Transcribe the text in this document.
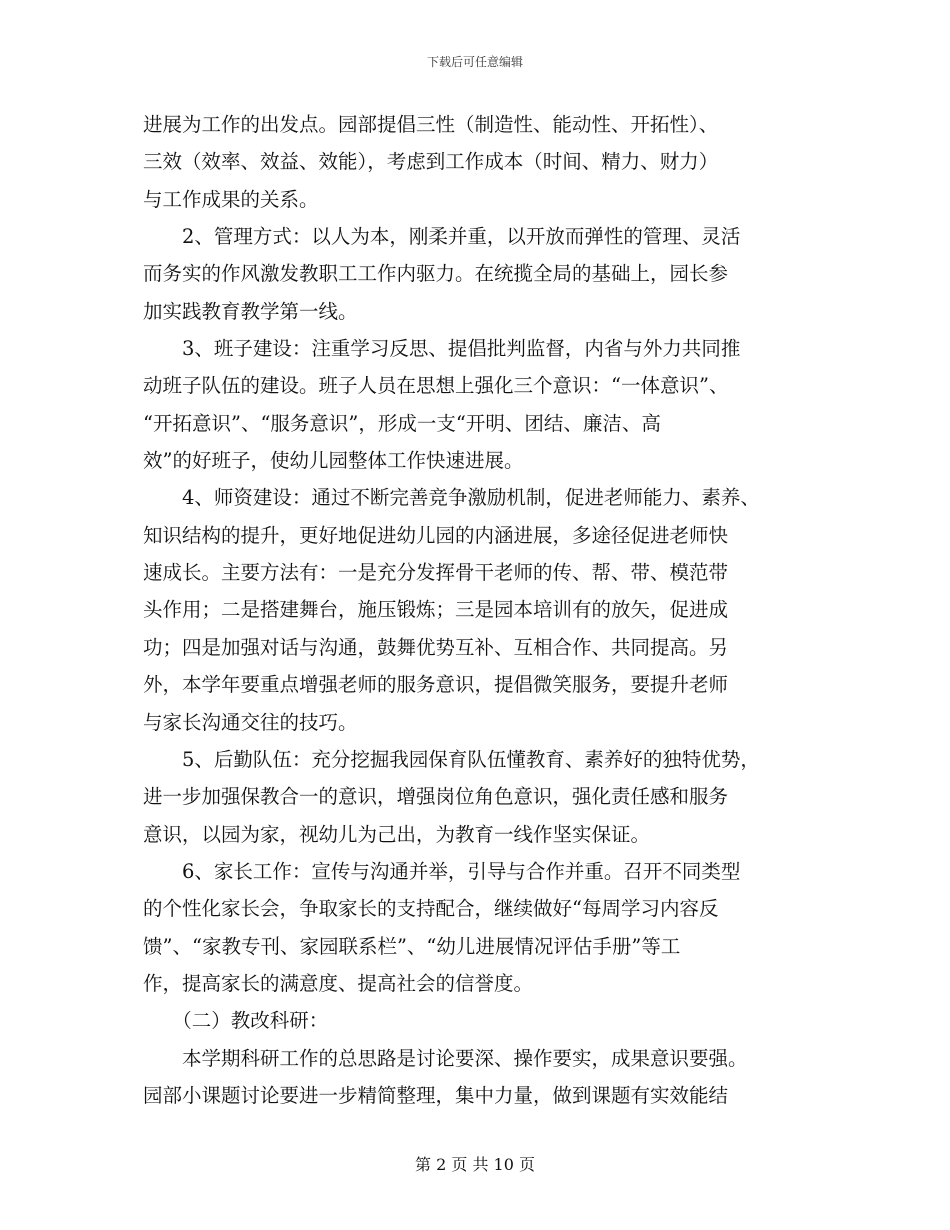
下载后可任意编辑
进展为工作的出发点。园部提倡三性（制造性、能动性、开拓性）、
三效（效率、效益、效能），考虑到工作成本（时间、精力、财力）
与工作成果的关系。
　　2、管理方式：以人为本，刚柔并重，以开放而弹性的管理、灵活
而务实的作风激发教职工工作内驱力。在统揽全局的基础上，园长参
加实践教育教学第一线。
　　3、班子建设：注重学习反思、提倡批判监督，内省与外力共同推
动班子队伍的建设。班子人员在思想上强化三个意识：“一体意识”、
“开拓意识”、“服务意识”，形成一支“开明、团结、廉洁、高
效”的好班子，使幼儿园整体工作快速进展。
　　4、师资建设：通过不断完善竞争激励机制，促进老师能力、素养、
知识结构的提升，更好地促进幼儿园的内涵进展，多途径促进老师快
速成长。主要方法有：一是充分发挥骨干老师的传、帮、带、模范带
头作用；二是搭建舞台，施压锻炼；三是园本培训有的放矢，促进成
功；四是加强对话与沟通，鼓舞优势互补、互相合作、共同提高。另
外，本学年要重点增强老师的服务意识，提倡微笑服务，要提升老师
与家长沟通交往的技巧。
　　5、后勤队伍：充分挖掘我园保育队伍懂教育、素养好的独特优势，
进一步加强保教合一的意识，增强岗位角色意识，强化责任感和服务
意识，以园为家，视幼儿为己出，为教育一线作坚实保证。
　　6、家长工作：宣传与沟通并举，引导与合作并重。召开不同类型
的个性化家长会，争取家长的支持配合，继续做好“每周学习内容反
馈”、“家教专刊、家园联系栏”、“幼儿进展情况评估手册”等工
作，提高家长的满意度、提高社会的信誉度。
　　（二）教改科研：
　　本学期科研工作的总思路是讨论要深、操作要实，成果意识要强。
园部小课题讨论要进一步精简整理，集中力量，做到课题有实效能结
第 2 页 共 10 页
